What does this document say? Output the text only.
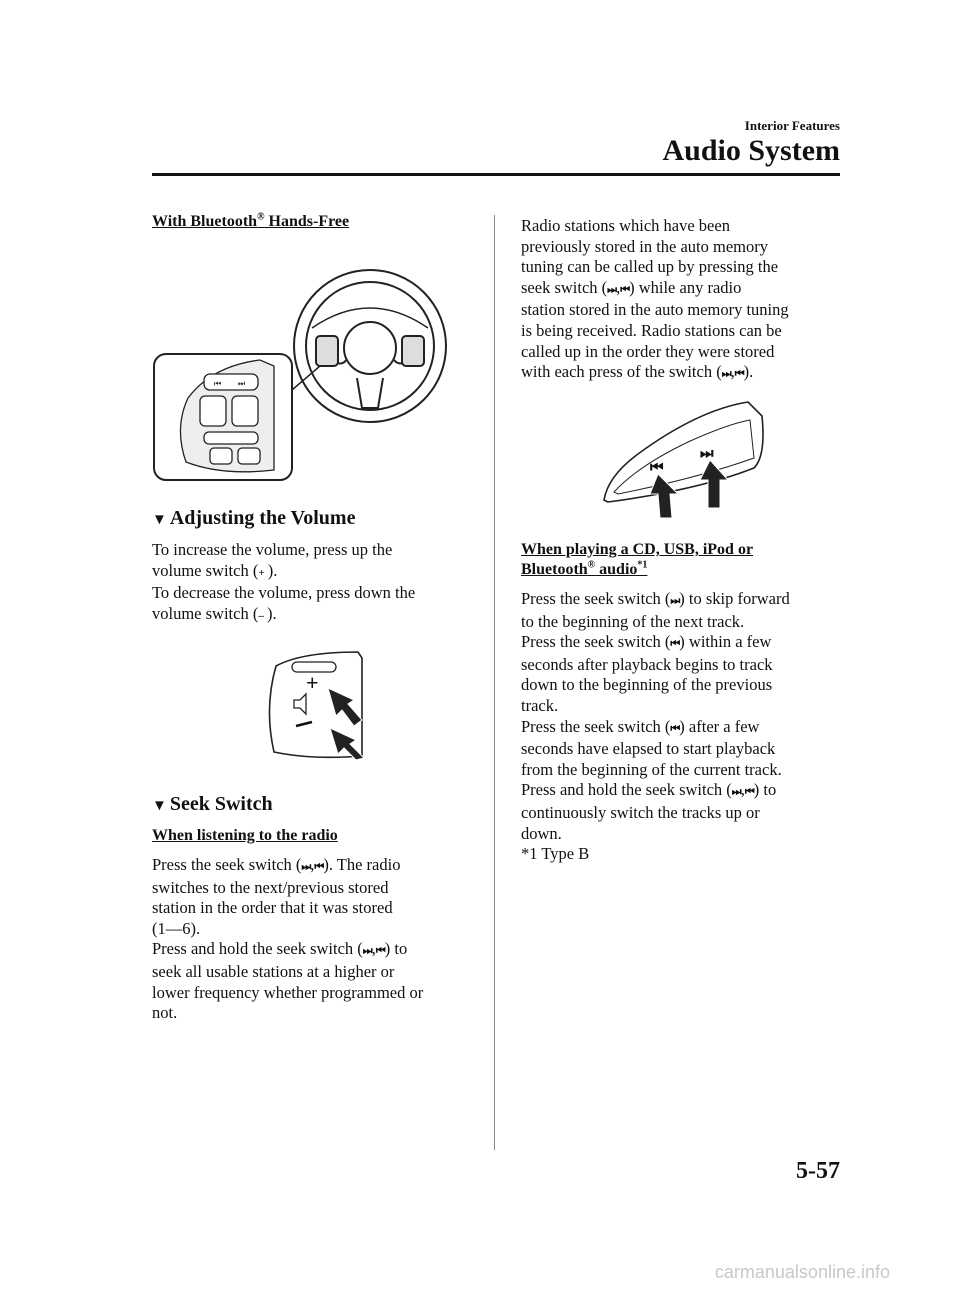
Interior Features
Audio System
With Bluetooth® Hands-Free
⏮ ⏭
▼ Adjusting the Volume

To increase the volume, press up the

volume switch (+ ).

To decrease the volume, press down the

volume switch (– ).

+
▼ Seek Switch
When listening to the radio

Press the seek switch (⏭,⏮). The radio

switches to the next/previous stored

station in the order that it was stored

(1―6).

Press and hold the seek switch (⏭,⏮) to

seek all usable stations at a higher or

lower frequency whether programmed or

not.

Radio stations which have been

previously stored in the auto memory

tuning can be called up by pressing the

seek switch (⏭,⏮) while any radio

station stored in the auto memory tuning

is being received. Radio stations can be

called up in the order they were stored

with each press of the switch (⏭,⏮).

⏮
⏭
When playing a CD, USB, iPod or
Bluetooth® audio$^{*1}$

Press the seek switch (⏭) to skip forward

to the beginning of the next track.

Press the seek switch (⏮) within a few

seconds after playback begins to track

down to the beginning of the previous

track.

Press the seek switch (⏮) after a few

seconds have elapsed to start playback

from the beginning of the current track.

Press and hold the seek switch (⏭,⏮) to

continuously switch the tracks up or

down.

*1 Type B

5-57
carmanualsonline.info
